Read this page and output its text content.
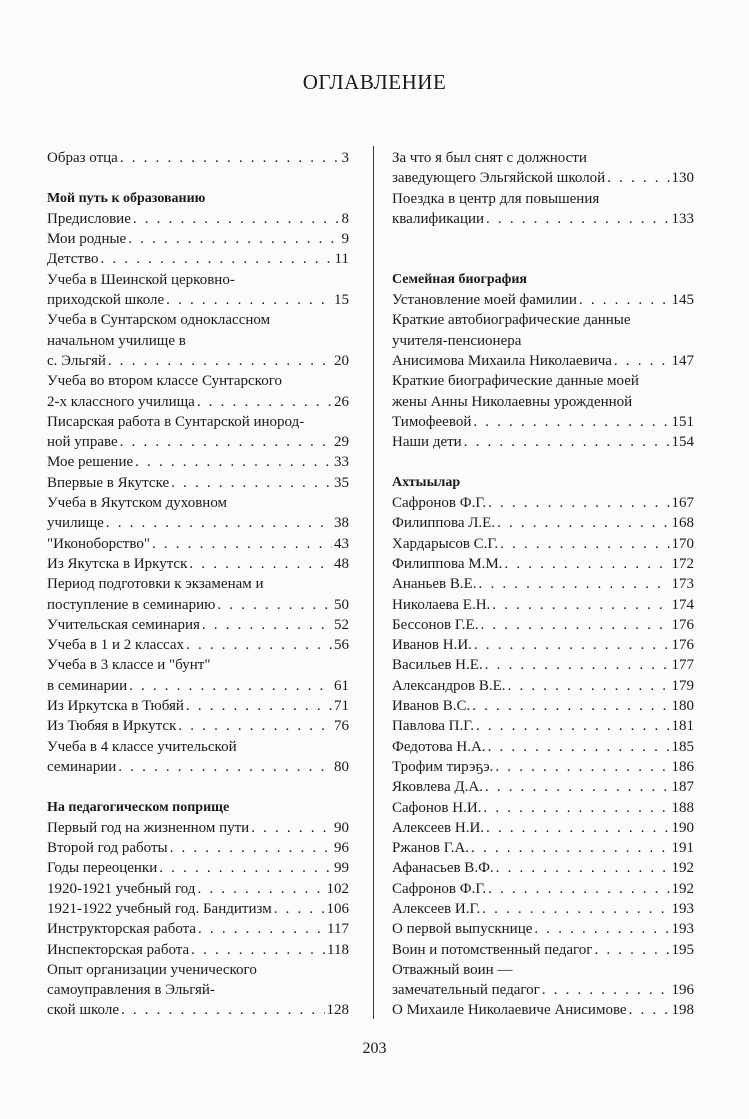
ОГЛАВЛЕНИЕ
Образ отца . . .	3
Мой путь к образованию
Предисловие . . .	8
Мои родные . . .	9
Детство . . .	11
Учеба в Шеинской церковно-
приходской школе . . .	15
Учеба в Сунтарском одноклассном
начальном училище в
с. Эльгяй . . .	20
Учеба во втором классе Сунтарского
2-х классного училища . . .	26
Писарская работа в Сунтарской инород-
ной управе . . .	29
Мое решение . . .	33
Впервые в Якутске . . .	35
Учеба в Якутском духовном
училище . . .	38
"Иконоборство" . . .	43
Из Якутска в Иркутск . . .	48
Период подготовки к экзаменам и
поступление в семинарию . . .	50
Учительская семинария . . .	52
Учеба в 1 и 2 классах . . .	56
Учеба в 3 классе и "бунт"
в семинарии . . .	61
Из Иркутска в Тюбяй . . .	71
Из Тюбяя в Иркутск . . .	76
Учеба в 4 классе учительской
семинарии . . .	80
На педагогическом поприще
Первый год на жизненном пути . . .	90
Второй год работы . . .	96
Годы переоценки . . .	99
1920-1921 учебный год . . .	102
1921-1922 учебный год. Бандитизм . . .	106
Инструкторская работа . . .	117
Инспекторская работа . . .	118
Опыт организации ученического
самоуправления в Эльгяй-
ской школе . . .	128
За что я был снят с должности
заведующего Эльгяйской школой . . .	130
Поездка в центр для повышения
квалификации . . .	133
Семейная биография
Установление моей фамилии . . .	145
Краткие автобиографические данные
учителя-пенсионера
Анисимова Михаила Николаевича . . .	147
Краткие биографические данные моей
жены Анны Николаевны урожденной
Тимофеевой . . .	151
Наши дети . . .	154
Ахтыылар
Сафронов Ф.Г. . . .	167
Филиппова Л.Е. . . .	168
Хардарысов С.Г. . . .	170
Филиппова М.М. . . .	172
Ананьев В.Е. . . .	173
Николаева Е.Н. . . .	174
Бессонов Г.Е. . . .	176
Иванов Н.И. . . .	176
Васильев Н.Е. . . .	177
Александров В.Е. . . .	179
Иванов В.С. . . .	180
Павлова П.Г. . . .	181
Федотова Н.А. . . .	185
Трофим тирэҕэ. . . .	186
Яковлева Д.А. . . .	187
Сафонов Н.И. . . .	188
Алексеев Н.И. . . .	190
Ржанов Г.А. . . .	191
Афанасьев В.Ф. . . .	192
Сафронов Ф.Г. . . .	192
Алексеев И.Г. . . .	193
О первой выпускнице . . .	193
Воин и потомственный педагог . . .	195
Отважный воин —
замечательный педагог . . .	196
О Михаиле Николаевиче Анисимове . . .	198
203
